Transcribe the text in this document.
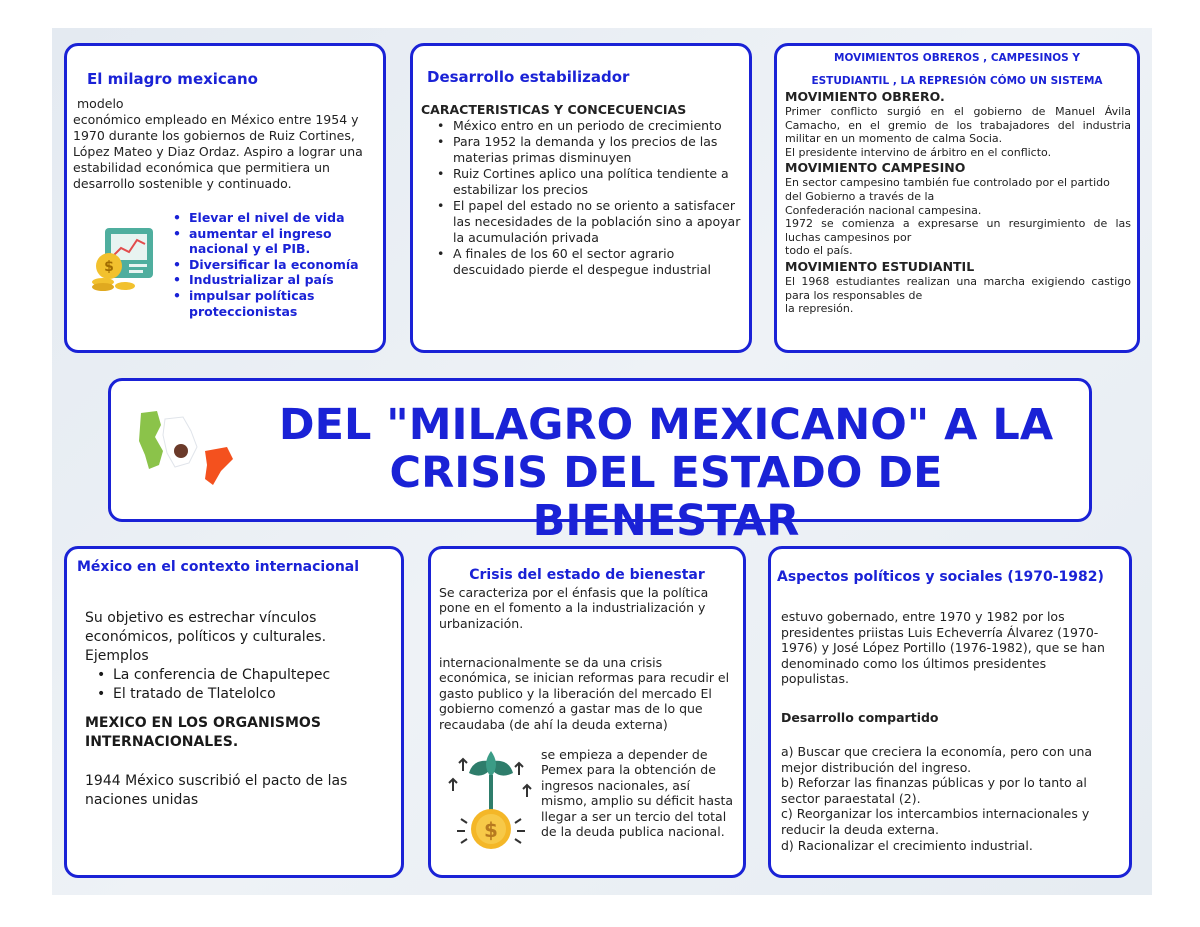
El milagro mexicano
modelo
económico empleado en México entre 1954 y 1970 durante los gobiernos de Ruiz Cortines, López Mateo y Diaz Ordaz. Aspiro a lograr una estabilidad económica que permitiera un desarrollo sostenible y continuado.
$
• Elevar el nivel de vida
• aumentar el ingreso nacional y el PIB.
• Diversificar la economía
• Industrializar al país
• impulsar políticas proteccionistas
Desarrollo estabilizador
CARACTERISTICAS Y CONCECUENCIAS
• México entro en un periodo de crecimiento
• Para 1952 la demanda y los precios de las materias primas disminuyen
• Ruiz Cortines aplico una política tendiente a estabilizar los precios
• El papel del estado no se oriento a satisfacer las necesidades de la población sino a apoyar la acumulación privada
• A finales de los 60 el sector agrario descuidado pierde el despegue industrial
MOVIMIENTOS OBREROS , CAMPESINOS Y
ESTUDIANTIL , LA REPRESIÓN CÓMO UN SISTEMA
MOVIMIENTO OBRERO.
Primer conflicto surgió en el gobierno de Manuel Ávila Camacho, en el gremio de los trabajadores del industria militar en un momento de calma Socia.
El presidente intervino de árbitro en el conflicto.
MOVIMIENTO CAMPESINO
En sector campesino también fue controlado por el partido
del Gobierno a través de la
Confederación nacional campesina.
1972 se comienza a expresarse un resurgimiento de las luchas campesinos por
todo el país.
MOVIMIENTO ESTUDIANTIL
El 1968 estudiantes realizan una marcha exigiendo castigo para los responsables de
la represión.
DEL "MILAGRO MEXICANO" A LA
CRISIS DEL ESTADO DE BIENESTAR
México en el contexto internacional
Su objetivo es estrechar vínculos económicos, políticos y culturales.
Ejemplos
• La conferencia de Chapultepec
• El tratado de Tlatelolco
MEXICO EN LOS ORGANISMOS INTERNACIONALES.
1944 México suscribió el pacto de las naciones unidas
Crisis del estado de bienestar
Se caracteriza por el énfasis que la política pone en el fomento a la industrialización y urbanización.
internacionalmente se da una crisis económica, se inician reformas para recudir el gasto publico y la liberación del mercado El gobierno comenzó a gastar mas de lo que recaudaba (de ahí la deuda externa)
$
se empieza a depender de Pemex para la obtención de ingresos nacionales, así mismo, amplio su déficit hasta llegar a ser un tercio del total de la deuda publica nacional.
Aspectos políticos y sociales (1970-1982)
estuvo gobernado, entre 1970 y 1982 por los presidentes priistas Luis Echeverría Álvarez (1970-1976) y José López Portillo (1976-1982), que se han denominado como los últimos presidentes populistas.
Desarrollo compartido
a) Buscar que creciera la economía, pero con una mejor distribución del ingreso.
b) Reforzar las finanzas públicas y por lo tanto al sector paraestatal (2).
c) Reorganizar los intercambios internacionales y reducir la deuda externa.
d) Racionalizar el crecimiento industrial.
